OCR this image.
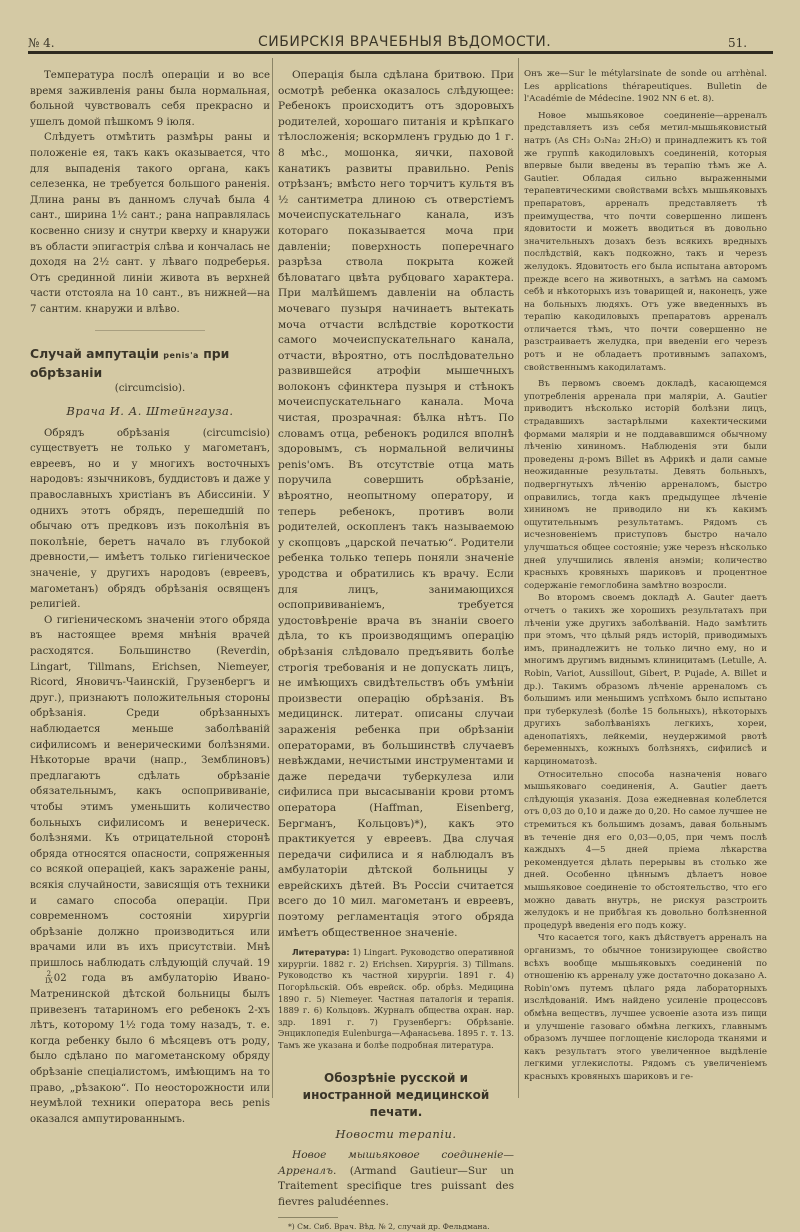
№ 4.	СИБИРСКІЯ ВРАЧЕБНЫЯ ВѢДОМОСТИ.	51.

Температура послѣ операціи и во все время заживленія раны была нормальная, больной чувствовалъ себя прекрасно и ушелъ домой пѣшкомъ 9 іюля.

Слѣдуетъ отмѣтить размѣры раны и положеніе ея, такъ какъ оказывается, что для выпаденія такого органа, какъ селезенка, не требуется большого раненія. Длина раны въ данномъ случаѣ была 4 сант., ширина 1½ сант.; рана направлялась косвенно снизу и снутри кверху и кнаружи въ области эпигастрія слѣва и кончалась не доходя на 2½ сант. у лѣваго подреберья. Отъ срединной линіи живота въ верхней части отстояла на 10 сант., въ нижней—на 7 сантим. кнаружи и влѣво.

Случай ампутаціи penis'а при обрѣзаніи

(circumcisio).

Врача И. А. Штейнгауза.

Обрядъ обрѣзанія (circumcisio) существуетъ не только у магометанъ, евреевъ, но и у многихъ восточныхъ народовъ: язычниковъ, буддистовъ и даже у православныхъ христіанъ въ Абиссиніи. У однихъ этотъ обрядъ, перешедшій по обычаю отъ предковъ изъ поколѣнія въ поколѣніе, беретъ начало въ глубокой древности,— имѣетъ только гигіеническое значеніе, у другихъ народовъ (евреевъ, магометанъ) обрядъ обрѣзанія освященъ религіей.

О гигіеническомъ значеніи этого обряда въ настоящее время мнѣнія врачей расходятся. Большинство (Reverdin, Lingart, Tillmans, Erichsen, Niemeyer, Ricord, Яновичъ-Чаинскій, Грузенбергъ и друг.), признаютъ положительныя стороны обрѣзанія. Среди обрѣзанныхъ наблюдается меньше заболѣваній сифилисомъ и венерическими болѣзнями. Нѣкоторые врачи (напр., Земблиновъ) предлагаютъ сдѣлать обрѣзаніе обязательнымъ, какъ оспопрививаніе, чтобы этимъ уменьшить количество больныхъ сифилисомъ и венерическ. болѣзнями. Къ отрицательной сторонѣ обряда относятся опасности, сопряженныя со всякой операціей, какъ зараженіе раны, всякія случайности, зависящія отъ техники и самаго способа операціи. При современномъ состояніи хирургіи обрѣзаніе должно производиться или врачами или въ ихъ присутствіи. Мнѣ пришлось наблюдать слѣдующій случай. 19
2
IX 02 года въ амбулаторію Ивано-Матренинской дѣтской больницы былъ привезенъ татариномъ его ребенокъ 2-хъ лѣтъ, которому 1½ года тому назадъ, т. е. когда ребенку было 6 мѣсяцевъ отъ роду, было сдѣлано по магометанскому обряду обрѣзаніе спеціалистомъ, имѣющимъ на то право, „рѣзакою“. По неосторожности или неумѣлой техники оператора весь penis оказался ампутированнымъ.

Операція была сдѣлана бритвою. При осмотрѣ ребенка оказалось слѣдующее: Ребенокъ происходитъ отъ здоровыхъ родителей, хорошаго питанія и крѣпкаго тѣлосложенія; вскормленъ грудью до 1 г. 8 мѣс., мошонка, яички, паховой канатикъ развиты правильно. Penis отрѣзанъ; вмѣсто него торчитъ культя въ ½ сантиметра длиною съ отверстіемъ мочеиспускательнаго канала, изъ котораго показывается моча при давленіи; поверхность поперечнаго разрѣза ствола покрыта кожей бѣловатаго цвѣта рубцоваго характера. При малѣйшемъ давленіи на область мочеваго пузыря начинаетъ вытекать моча отчасти вслѣдствіе короткости самого мочеиспускательнаго канала, отчасти, вѣроятно, отъ послѣдовательно развившейся атрофіи мышечныхъ волоконъ сфинктера пузыря и стѣнокъ мочеиспускательнаго канала. Моча чистая, прозрачная: бѣлка нѣтъ. По словамъ отца, ребенокъ родился вполнѣ здоровымъ, съ нормальной величины penis'омъ. Въ отсутствіе отца мать поручила совершить обрѣзаніе, вѣроятно, неопытному оператору, и теперь ребенокъ, противъ воли родителей, оскопленъ такъ называемою у скопцовъ „царской печатью“. Родители ребенка только теперь поняли значеніе уродства и обратились къ врачу. Если для лицъ, занимающихся оспопрививаніемъ, требуется удостовѣреніе врача въ знаніи своего дѣла, то къ производящимъ операцію обрѣзанія слѣдовало предъявить болѣе строгія требованія и не допускать лицъ, не имѣющихъ свидѣтельствъ объ умѣніи произвести операцію обрѣзанія. Въ медицинск. литерат. описаны случаи зараженія ребенка при обрѣзаніи операторами, въ большинствѣ случаевъ невѣждами, нечистыми инструментами и даже передачи туберкулеза или сифилиса при высасываніи крови ртомъ оператора (Haffman, Eisenberg, Бергманъ, Кольцовъ)*), какъ это практикуется у евреевъ. Два случая передачи сифилиса и я наблюдалъ въ амбулаторіи дѣтской больницы у еврейскихъ дѣтей. Въ Россіи считается всего до 10 мил. магометанъ и евреевъ, поэтому регламентація этого обряда имѣетъ общественное значеніе.

Литература: 1) Lingart. Руководство оперативной хирургіи. 1882 г. 2) Erichsen. Хирургія. 3) Tillmans. Руководство къ частной хирургіи. 1891 г. 4) Погорѣльскій. Объ еврейск. обр. обрѣз. Медицина 1890 г. 5) Niemeyer. Частная паталогія и терапія. 1889 г. 6) Кольцовъ. Журналъ общества охран. нар. здр. 1891 г. 7) Грузенбергъ: Обрѣзаніе. Энциклопедія Eulenburga—Афанасьева. 1895 г. т. 13. Тамъ же указана и болѣе подробная литература.

Обозрѣніе русской и иностранной медицинской печати.

Новости терапіи.

Новое мышьяковое соединеніе—Арреналъ. (Armand Gautieur—Sur un Traitement specifique tres puissant des fievres paludéennes.

*) См. Сиб. Врач. Вѣд. № 2, случай др. Фельдмана.

Онъ же—Sur le métylarsinate de sonde ou arrhènal. Les applications thérapeutiques. Bulletin de l'Académie de Médecine. 1902 NN 6 et. 8).

Новое мышьяковое соединеніе—арреналъ представляетъ изъ себя метил-мышьяковистый натръ (As CH₃ O₃Na₂ 2H₂O) и принадлежитъ къ той же группѣ какодиловыхъ соединеній, которыя впервые были введены въ терапію тѣмъ же A. Gautier. Обладая сильно выраженными терапевтическими свойствами всѣхъ мышьяковыхъ препаратовъ, арреналъ представляетъ тѣ преимущества, что почти совершенно лишенъ ядовитости и можетъ вводиться въ довольно значительныхъ дозахъ безъ всякихъ вредныхъ послѣдствій, какъ подкожно, такъ и черезъ желудокъ. Ядовитость его была испытана авторомъ прежде всего на животныхъ, а затѣмъ на самомъ себѣ и нѣкоторыхъ изъ товарищей и, наконецъ, уже на больныхъ людяхъ. Отъ уже введенныхъ въ терапію какодиловыхъ препаратовъ арреналъ отличается тѣмъ, что почти совершенно не разстраиваетъ желудка, при введеніи его черезъ ротъ и не обладаетъ противнымъ запахомъ, свойственнымъ какодилатамъ.

Въ первомъ своемъ докладѣ, касающемся употребленія арренала при маляріи, A. Gautier приводитъ нѣсколько исторій болѣзни лицъ, страдавшихъ застарѣлыми кахектическими формами маляріи и не поддававшимся обычному лѣченію хининомъ. Наблюденія эти были проведены д-ромъ Billet въ Африкѣ и дали самые неожиданные результаты. Девять больныхъ, подвергнутыхъ лѣченію арреналомъ, быстро оправились, тогда какъ предыдущее лѣченіе хининомъ не приводило ни къ какимъ ощутительнымъ результатамъ. Рядомъ съ исчезновеніемъ приступовъ быстро начало улучшаться общее состояніе; уже черезъ нѣсколько дней улучшились явленія анэміи; количество красныхъ кровяныхъ шариковъ и процентное содержаніе гемоглобина замѣтно возросли.

Во второмъ своемъ докладѣ A. Gauter даетъ отчетъ о такихъ же хорошихъ результатахъ при лѣченіи уже другихъ заболѣваній. Надо замѣтить при этомъ, что цѣлый рядъ исторій, приводимыхъ имъ, принадлежитъ не только лично ему, но и многимъ другимъ виднымъ клиницитамъ (Letulle, A. Robin, Variot, Aussillout, Gibert, P. Pujade, A. Billet и др.). Такимъ образомъ лѣченіе арреналомъ съ большимъ или меньшимъ успѣхомъ было испытано при туберкулезѣ (болѣе 15 больныхъ), нѣкоторыхъ другихъ заболѣваніяхъ легкихъ, хореи, аденопатіяхъ, лейкеміи, неудержимой рвотѣ беременныхъ, кожныхъ болѣзняхъ, сифилисѣ и карциноматозѣ.

Относительно способа назначенія новаго мышьяковаго соединенія, A. Gautier даетъ слѣдующія указанія. Доза ежедневная колеблется отъ 0,03 до 0,10 и даже до 0,20. Но самое лучшее не стремиться къ большимъ дозамъ, давая больнымъ въ теченіе дня его 0,03—0,05, при чемъ послѣ каждыхъ 4—5 дней пріема лѣкарства рекомендуется дѣлать перерывы въ столько же дней. Особенно цѣннымъ дѣлаетъ новое мышьяковое соединеніе то обстоятельство, что его можно давать внутрь, не рискуя разстроить желудокъ и не прибѣгая къ довольно болѣзненной процедурѣ введенія его подъ кожу.

Что касается того, какъ дѣйствуетъ арреналъ на организмъ, то обычное тонизирующее свойство всѣхъ вообще мышьяковыхъ соединеній по отношенію къ арреналу уже достаточно доказано A. Robin'омъ путемъ цѣлаго ряда лабораторныхъ изслѣдованій. Имъ найдено усиленіе процессовъ обмѣна веществъ, лучшее усвоеніе азота изъ пищи и улучшеніе газоваго обмѣна легкихъ, главнымъ образомъ лучшее поглощеніе кислорода тканями и какъ результатъ этого увеличенное выдѣленіе легкими углекислоты. Рядомъ съ увеличеніемъ красныхъ кровяныхъ шариковъ и ге-
